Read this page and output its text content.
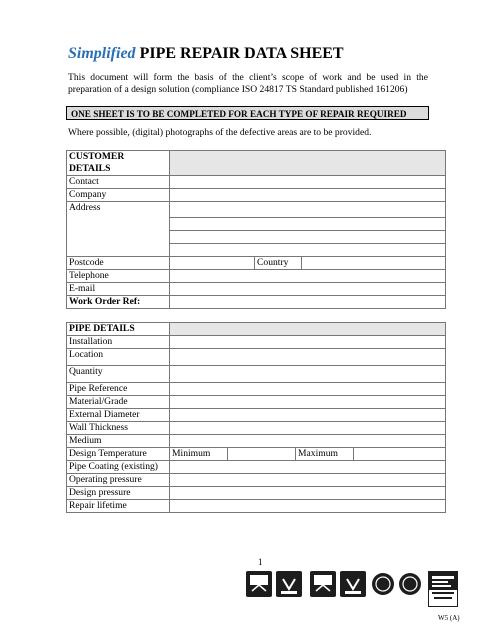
Simplified PIPE REPAIR DATA SHEET
This document will form the basis of the client’s scope of work and be used in the preparation of a design solution (compliance ISO 24817 TS Standard published 161206)
ONE SHEET IS TO BE COMPLETED FOR EACH TYPE OF REPAIR REQUIRED
Where possible, (digital) photographs of the defective areas are to be provided.
CUSTOMER DETAILS			
Contact			
Company			
Address			

Postcode		Country	
Telephone			
E-mail			
Work Order Ref:			
PIPE DETAILS				
Installation				
Location				
Quantity				
Pipe Reference				
Material/Grade				
External Diameter				
Wall Thickness				
Medium				
Design Temperature	Minimum		Maximum	
Pipe Coating (existing)				
Operating pressure				
Design pressure				
Repair lifetime				
1
W5 (A)
